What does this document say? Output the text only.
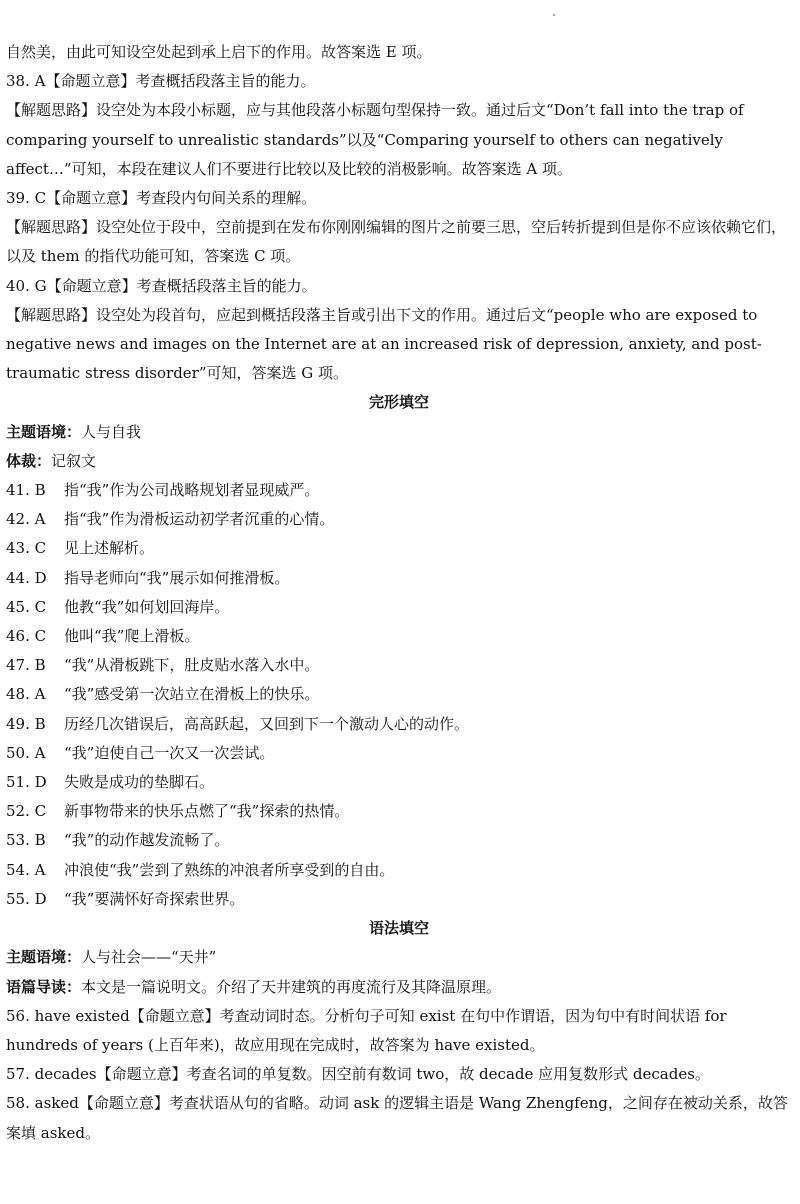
自然美，由此可知设空处起到承上启下的作用。故答案选 E 项。

38. A【命题立意】考查概括段落主旨的能力。

【解题思路】设空处为本段小标题，应与其他段落小标题句型保持一致。通过后文“Don’t fall into the trap of comparing yourself to unrealistic standards”以及“Comparing yourself to others can negatively affect…”可知，本段在建议人们不要进行比较以及比较的消极影响。故答案选 A 项。

39. C【命题立意】考查段内句间关系的理解。

【解题思路】设空处位于段中，空前提到在发布你刚刚编辑的图片之前要三思，空后转折提到但是你不应该依赖它们，以及 them 的指代功能可知，答案选 C 项。

40. G【命题立意】考查概括段落主旨的能力。

【解题思路】设空处为段首句，应起到概括段落主旨或引出下文的作用。通过后文“people who are exposed to negative news and images on the Internet are at an increased risk of depression, anxiety, and post-traumatic stress disorder”可知，答案选 G 项。

完形填空

主题语境：人与自我

体裁：记叙文

41. B	指“我”作为公司战略规划者显现威严。
42. A	指“我”作为滑板运动初学者沉重的心情。
43. C	见上述解析。
44. D	指导老师向“我”展示如何推滑板。
45. C	他教“我”如何划回海岸。
46. C	他叫“我”爬上滑板。
47. B	“我”从滑板跳下，肚皮贴水落入水中。
48. A	“我”感受第一次站立在滑板上的快乐。
49. B	历经几次错误后，高高跃起，又回到下一个激动人心的动作。
50. A	“我”迫使自己一次又一次尝试。
51. D	失败是成功的垫脚石。
52. C	新事物带来的快乐点燃了“我”探索的热情。
53. B	“我”的动作越发流畅了。
54. A	冲浪使“我”尝到了熟练的冲浪者所享受到的自由。
55. D	“我”要满怀好奇探索世界。

语法填空

主题语境：人与社会——“天井”

语篇导读：本文是一篇说明文。介绍了天井建筑的再度流行及其降温原理。

56. have existed【命题立意】考查动词时态。分析句子可知 exist 在句中作谓语，因为句中有时间状语 for hundreds of years (上百年来)，故应用现在完成时，故答案为 have existed。

57. decades【命题立意】考查名词的单复数。因空前有数词 two，故 decade 应用复数形式 decades。

58. asked【命题立意】考查状语从句的省略。动词 ask 的逻辑主语是 Wang Zhengfeng，之间存在被动关系，故答案填 asked。
